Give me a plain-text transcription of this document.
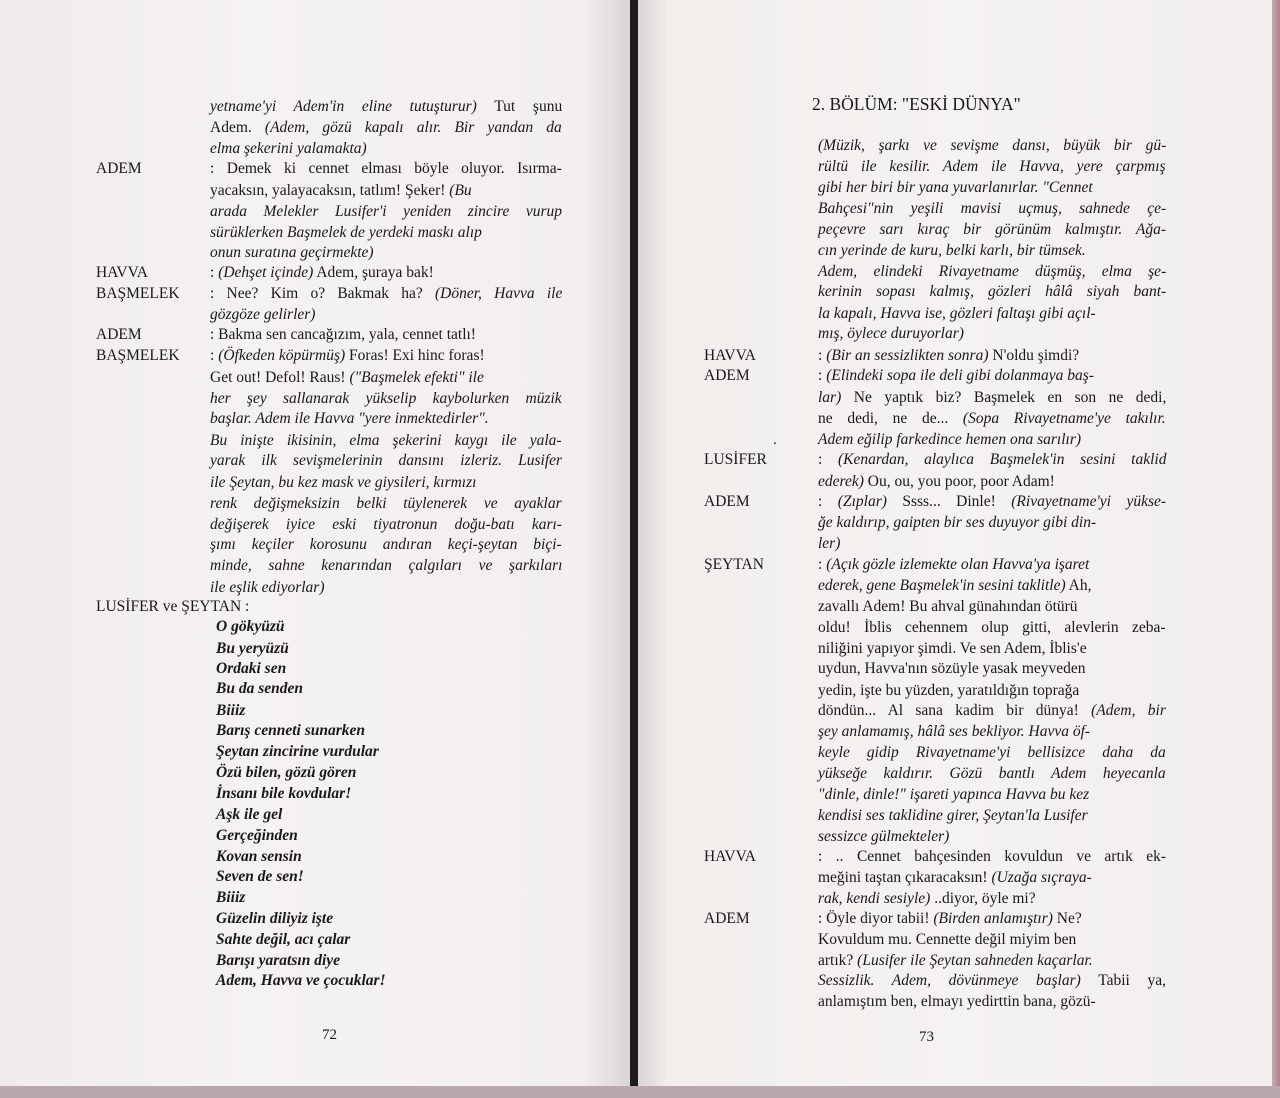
2. BÖLÜM: "ESKİ DÜNYA"
72	73
.
yetname'yi Adem'in eline tutuşturur) Tut şunu
Adem. (Adem, gözü kapalı alır. Bir yandan da
elma şekerini yalamakta)
ADEM	: Demek ki cennet elması böyle oluyor. Isırma-
yacaksın, yalayacaksın, tatlım! Şeker! (Bu
arada Melekler Lusifer'i yeniden zincire vurup
sürüklerken Başmelek de yerdeki maskı alıp
onun suratına geçirmekte)
HAVVA	: (Dehşet içinde) Adem, şuraya bak!
BAŞMELEK : Nee? Kim o? Bakmak ha? (Döner, Havva ile
gözgöze gelirler)
ADEM	: Bakma sen cancağızım, yala, cennet tatlı!
BAŞMELEK : (Öfkeden köpürmüş) Foras! Exi hinc foras!
Get out! Defol! Raus! ("Başmelek efekti" ile
her şey sallanarak yükselip kaybolurken müzik
başlar. Adem ile Havva "yere inmektedirler".
Bu inişte ikisinin, elma şekerini kaygı ile yala-
yarak ilk sevişmelerinin dansını izleriz. Lusifer
ile Şeytan, bu kez mask ve giysileri, kırmızı
renk değişmeksizin belki tüylenerek ve ayaklar
değişerek iyice eski tiyatronun doğu-batı karı-
şımı keçiler korosunu andıran keçi-şeytan biçi-
minde, sahne kenarından çalgıları ve şarkıları
ile eşlik ediyorlar)
(Müzik, şarkı ve sevişme dansı, büyük bir gü-
rültü ile kesilir. Adem ile Havva, yere çarpmış
gibi her biri bir yana yuvarlanırlar. "Cennet
Bahçesi"nin yeşili mavisi uçmuş, sahnede çe-
peçevre sarı kıraç bir görünüm kalmıştır. Ağa-
cın yerinde de kuru, belki karlı, bir tümsek.
Adem, elindeki Rivayetname düşmüş, elma şe-
kerinin sopası kalmış, gözleri hâlâ siyah bant-
la kapalı, Havva ise, gözleri faltaşı gibi açıl-
mış, öylece duruyorlar)
HAVVA	: (Bir an sessizlikten sonra) N'oldu şimdi?
ADEM	: (Elindeki sopa ile deli gibi dolanmaya baş-
lar) Ne yaptık biz? Başmelek en son ne dedi,
ne dedi, ne de... (Sopa Rivayetname'ye takılır.
Adem eğilip farkedince hemen ona sarılır)
LUSİFER	: (Kenardan, alaylıca Başmelek'in sesini taklid
ederek) Ou, ou, you poor, poor Adam!
ADEM	: (Zıplar) Ssss... Dinle! (Rivayetname'yi yükse-
ğe kaldırıp, gaipten bir ses duyuyor gibi din-
ler)
ŞEYTAN	: (Açık gözle izlemekte olan Havva'ya işaret
ederek, gene Başmelek'in sesini taklitle) Ah,
zavallı Adem! Bu ahval günahından ötürü
oldu! İblis cehennem olup gitti, alevlerin zeba-
niliğini yapıyor şimdi. Ve sen Adem, İblis'e
uydun, Havva'nın sözüyle yasak meyveden
yedin, işte bu yüzden, yaratıldığın toprağa
döndün... Al sana kadim bir dünya! (Adem, bir
şey anlamamış, hâlâ ses bekliyor. Havva öf-
keyle gidip Rivayetname'yi bellisizce daha da
yükseğe kaldırır. Gözü bantlı Adem heyecanla
"dinle, dinle!" işareti yapınca Havva bu kez
kendisi ses taklidine girer, Şeytan'la Lusifer
sessizce gülmekteler)
HAVVA	: .. Cennet bahçesinden kovuldun ve artık ek-
meğini taştan çıkaracaksın! (Uzağa sıçraya-
rak, kendi sesiyle) ..diyor, öyle mi?
ADEM	: Öyle diyor tabii! (Birden anlamıştır) Ne?
Kovuldum mu. Cennette değil miyim ben
artık? (Lusifer ile Şeytan sahneden kaçarlar.
Sessizlik. Adem, dövünmeye başlar) Tabii ya,
anlamıştım ben, elmayı yedirttin bana, gözü-
LUSİFER ve ŞEYTAN :
O gökyüzü
Bu yeryüzü
Ordaki sen
Bu da senden
Biiiz
Barış cenneti sunarken
Şeytan zincirine vurdular
Özü bilen, gözü gören
İnsanı bile kovdular!
Aşk ile gel
Gerçeğinden
Kovan sensin
Seven de sen!
Biiiz
Güzelin diliyiz işte
Sahte değil, acı çalar
Barışı yaratsın diye
Adem, Havva ve çocuklar!
